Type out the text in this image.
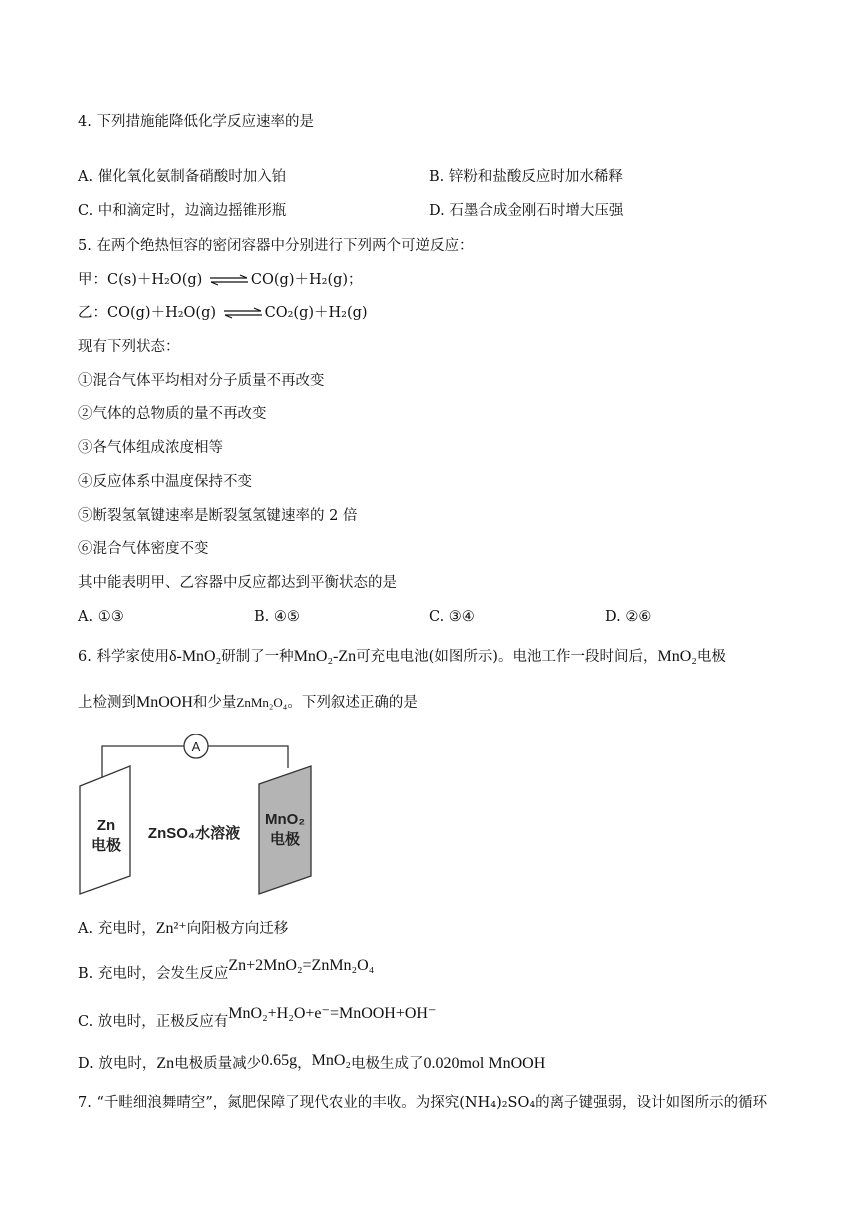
4. 下列措施能降低化学反应速率的是
A. 催化氧化氨制备硝酸时加入铂	B. 锌粉和盐酸反应时加水稀释
C. 中和滴定时，边滴边摇锥形瓶	D. 石墨合成金刚石时增大压强
5. 在两个绝热恒容的密闭容器中分别进行下列两个可逆反应：
甲：C(s)＋H₂O(g) ⇌ CO(g)＋H₂(g)；
乙：CO(g)＋H₂O(g) ⇌ CO₂(g)＋H₂(g)
现有下列状态：
①混合气体平均相对分子质量不再改变
②气体的总物质的量不再改变
③各气体组成浓度相等
④反应体系中温度保持不变
⑤断裂氢氧键速率是断裂氢氢键速率的 2 倍
⑥混合气体密度不变
其中能表明甲、乙容器中反应都达到平衡状态的是
A. ①③	B. ④⑤	C. ③④	D. ②⑥
6. 科学家使用δ-MnO₂研制了一种MnO₂-Zn可充电电池(如图所示)。电池工作一段时间后，MnO₂电极
上检测到MnOOH和少量ZnMn₂O₄。下列叙述正确的是
A
Zn
电极
ZnSO₄水溶液
MnO₂
电极
A. 充电时，Zn²⁺向阳极方向迁移
B. 充电时，会发生反应Zn+2MnO₂=ZnMn₂O₄
C. 放电时，正极反应有MnO₂+H₂O+e⁻=MnOOH+OH⁻
D. 放电时，Zn电极质量减少0.65g，MnO₂电极生成了0.020mol MnOOH
7. “千畦细浪舞晴空”，氮肥保障了现代农业的丰收。为探究(NH₄)₂SO₄的离子键强弱，设计如图所示的循环
